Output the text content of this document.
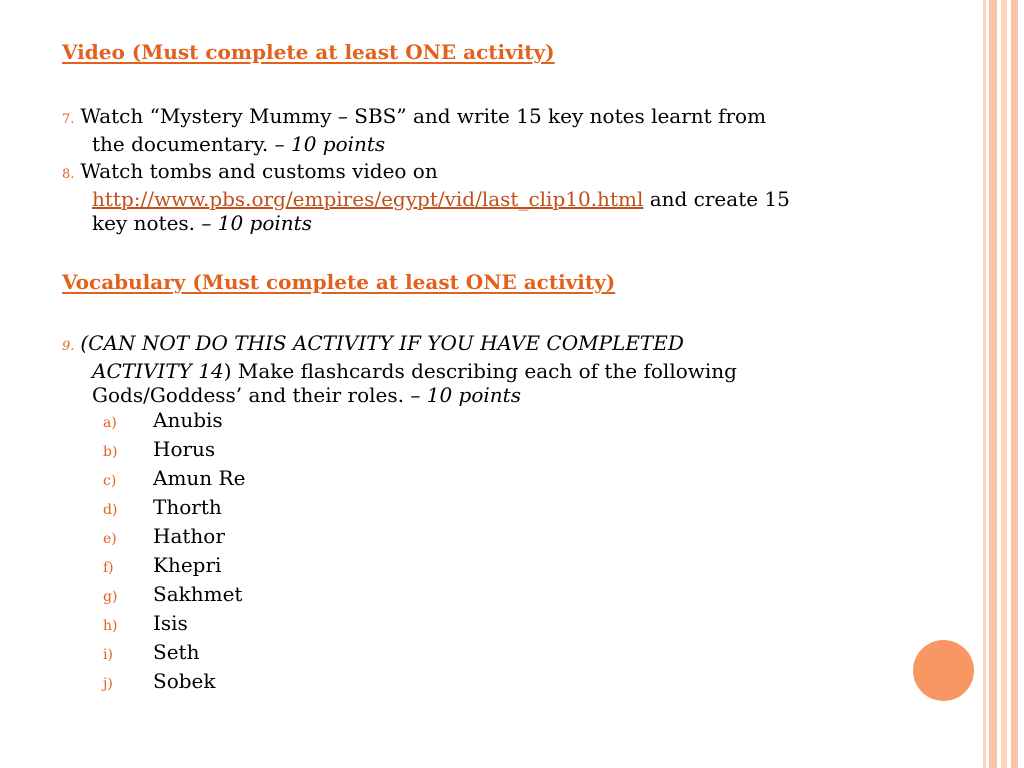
Video (Must complete at least ONE activity)
7. Watch “Mystery Mummy – SBS” and write 15 key notes learnt from
the documentary. – 10 points
8. Watch tombs and customs video on
http://www.pbs.org/empires/egypt/vid/last_clip10.html and create 15
key notes. – 10 points
Vocabulary (Must complete at least ONE activity)
9. (CAN NOT DO THIS ACTIVITY IF YOU HAVE COMPLETED
ACTIVITY 14) Make flashcards describing each of the following
Gods/Goddess’ and their roles. – 10 points
a) Anubis
b) Horus
c) Amun Re
d) Thorth
e) Hathor
f) Khepri
g) Sakhmet
h) Isis
i) Seth
j) Sobek
